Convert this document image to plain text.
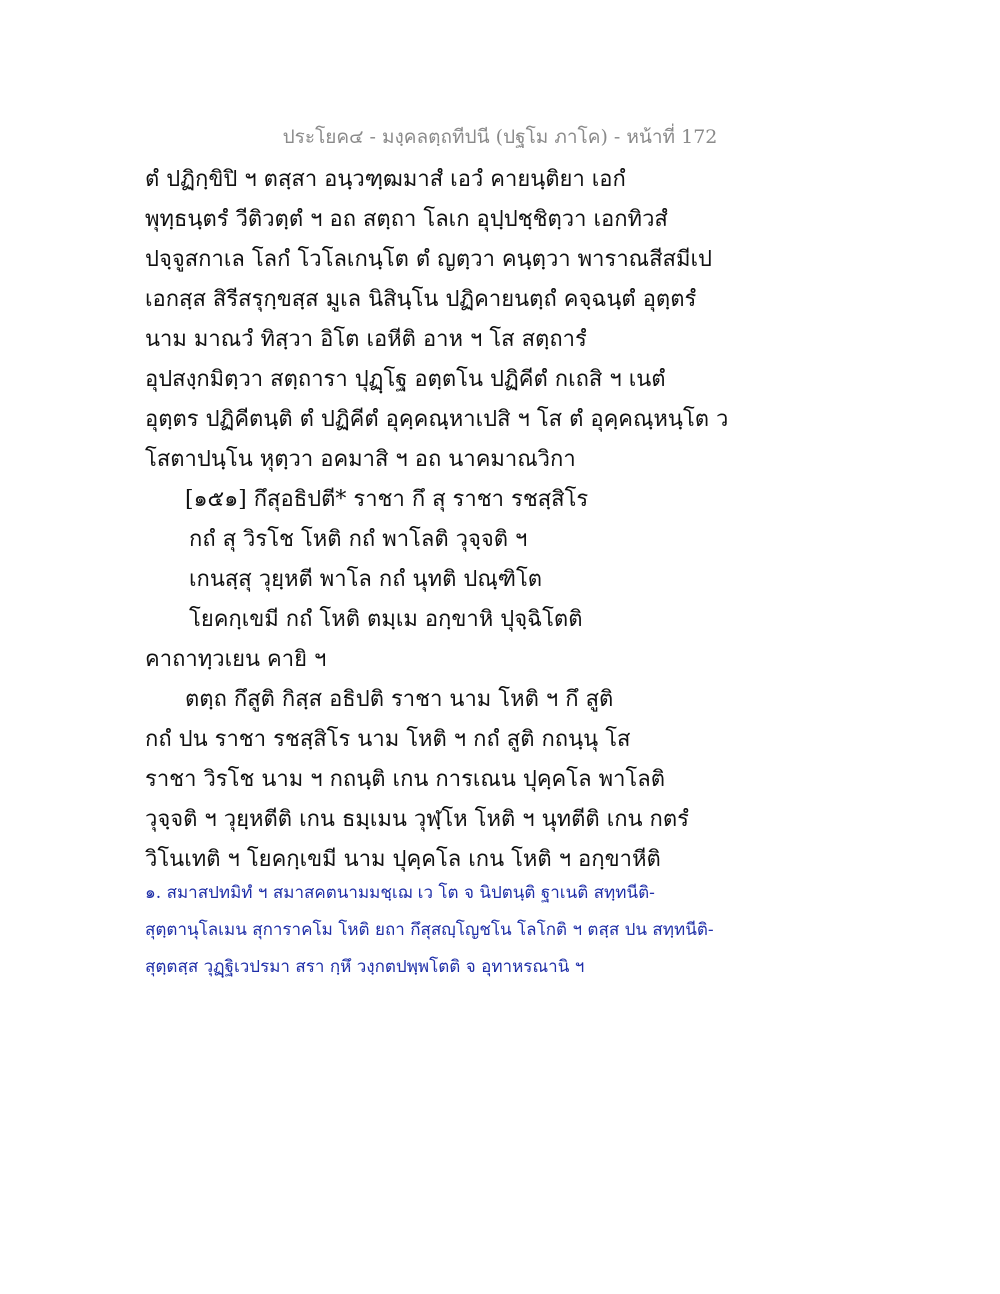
ประโยค๔ - มงฺคลตฺถทีปนี (ปฐโม ภาโค) - หน้าที่ 172
ตํ ปฏิกฺขิปิ ฯ ตสฺสา อนฺวฑฺฒมาสํ เอวํ คายนฺติยา เอกํ
พุทฺธนฺตรํ วีติวตฺตํ ฯ อถ สตฺถา โลเก อุปฺปชฺชิตฺวา เอกทิวสํ
ปจฺจูสกาเล โลกํ โวโลเกนฺโต ตํ ญตฺวา คนฺตฺวา พาราณสีสมีเป
เอกสฺส สิรีสรุกฺขสฺส มูเล นิสินฺโน ปฏิคายนตฺถํ คจฺฉนฺตํ อุตฺตรํ
นาม มาณวํ ทิสฺวา อิโต เอหีติ อาห ฯ โส สตฺถารํ
อุปสงฺกมิตฺวา สตฺถารา ปุฏฺโฐ อตฺตโน ปฏิคีตํ กเถสิ ฯ เนตํ
อุตฺตร ปฏิคีตนฺติ ตํ ปฏิคีตํ อุคฺคณฺหาเปสิ ฯ โส ตํ อุคฺคณฺหนฺโต ว
โสตาปนฺโน หุตฺวา อคมาสิ ฯ อถ นาคมาณวิกา
[๑๕๑] กึสุอธิปตี* ราชา กึ สุ ราชา รชสฺสิโร
กถํ สุ วิรโช โหติ กถํ พาโลติ วุจฺจติ ฯ
เกนสฺสุ วุยฺหตี พาโล กถํ นุทติ ปณฺฑิโต
โยคกฺเขมี กถํ โหติ ตมฺเม อกฺขาหิ ปุจฺฉิโตติ
คาถาทฺวเยน คายิ ฯ
ตตฺถ กึสูติ กิสฺส อธิปติ ราชา นาม โหติ ฯ กึ สูติ
กถํ ปน ราชา รชสฺสิโร นาม โหติ ฯ กถํ สูติ กถนฺนุ โส
ราชา วิรโช นาม ฯ กถนฺติ เกน การเณน ปุคฺคโล พาโลติ
วุจฺจติ ฯ วุยฺหตีติ เกน ธมฺเมน วุฬฺโห โหติ ฯ นุทตีติ เกน กตรํ
วิโนเทติ ฯ โยคกฺเขมี นาม ปุคฺคโล เกน โหติ ฯ อกฺขาหีติ
๑. สมาสปทมิทํ ฯ สมาสคตนามมชฺเฌ เว โต จ นิปตนฺติ ฐาเนติ สทฺทนีติ-
สุตฺตานุโลเมน สุการาคโม โหติ ยถา กึสุสญฺโญชโน โลโกติ ฯ ตสฺส ปน สทฺทนีติ-
สุตฺตสฺส วุฏฺฐิเวปรมา สรา กฺหึ วงฺกตปพฺพโตติ จ อุทาหรณานิ ฯ
